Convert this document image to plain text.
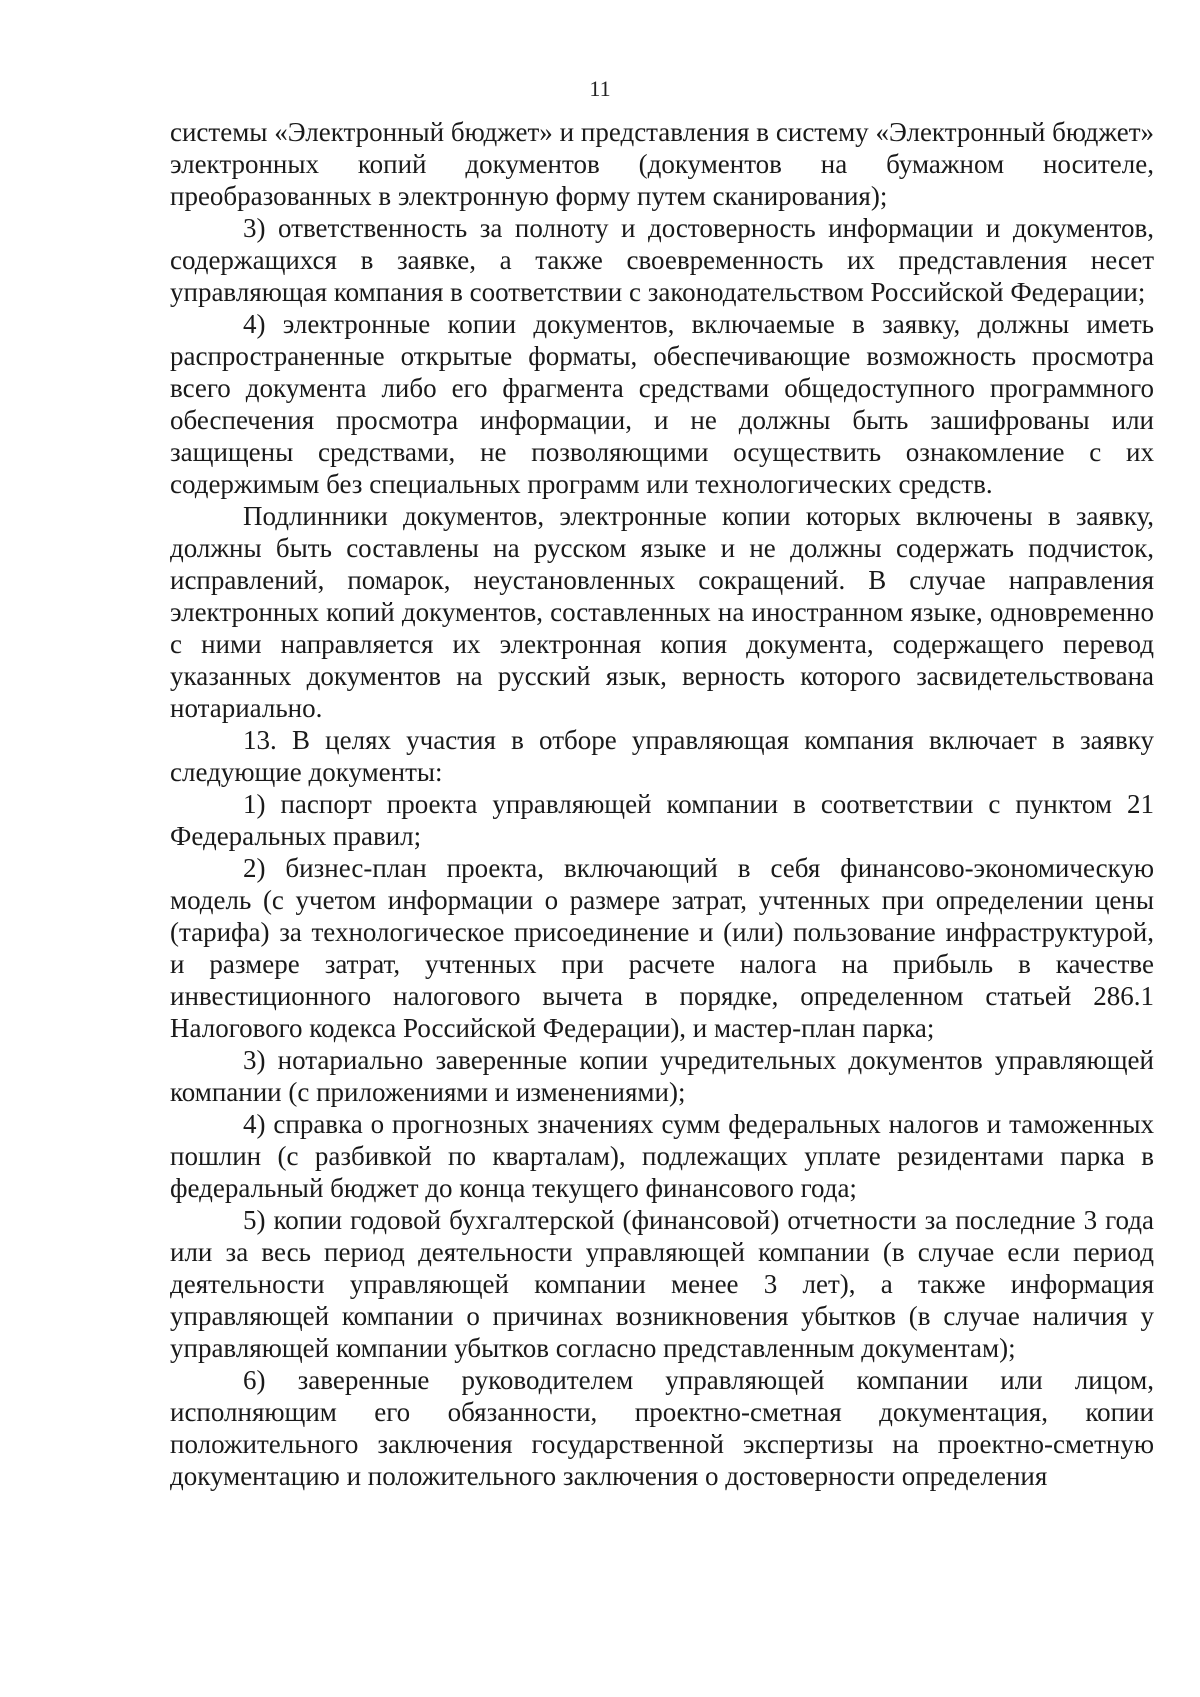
11

системы «Электронный бюджет» и представления в систему «Электронный бюджет» электронных копий документов (документов на бумажном носителе, преобразованных в электронную форму путем сканирования);

3) ответственность за полноту и достоверность информации и документов, содержащихся в заявке, а также своевременность их представления несет управляющая компания в соответствии с законодательством Российской Федерации;

4) электронные копии документов, включаемые в заявку, должны иметь распространенные открытые форматы, обеспечивающие возможность просмотра всего документа либо его фрагмента средствами общедоступного программного обеспечения просмотра информации, и не должны быть зашифрованы или защищены средствами, не позволяющими осуществить ознакомление с их содержимым без специальных программ или технологических средств.

Подлинники документов, электронные копии которых включены в заявку, должны быть составлены на русском языке и не должны содержать подчисток, исправлений, помарок, неустановленных сокращений. В случае направления электронных копий документов, составленных на иностранном языке, одновременно с ними направляется их электронная копия документа, содержащего перевод указанных документов на русский язык, верность которого засвидетельствована нотариально.

13. В целях участия в отборе управляющая компания включает в заявку следующие документы:

1) паспорт проекта управляющей компании в соответствии с пунктом 21 Федеральных правил;

2) бизнес-план проекта, включающий в себя финансово-экономическую модель (с учетом информации о размере затрат, учтенных при определении цены (тарифа) за технологическое присоединение и (или) пользование инфраструктурой, и размере затрат, учтенных при расчете налога на прибыль в качестве инвестиционного налогового вычета в порядке, определенном статьей 286.1 Налогового кодекса Российской Федерации), и мастер-план парка;

3) нотариально заверенные копии учредительных документов управляющей компании (с приложениями и изменениями);

4) справка о прогнозных значениях сумм федеральных налогов и таможенных пошлин (с разбивкой по кварталам), подлежащих уплате резидентами парка в федеральный бюджет до конца текущего финансового года;

5) копии годовой бухгалтерской (финансовой) отчетности за последние 3 года или за весь период деятельности управляющей компании (в случае если период деятельности управляющей компании менее 3 лет), а также информация управляющей компании о причинах возникновения убытков (в случае наличия у управляющей компании убытков согласно представленным документам);

6) заверенные руководителем управляющей компании или лицом, исполняющим его обязанности, проектно-сметная документация, копии положительного заключения государственной экспертизы на проектно-сметную документацию и положительного заключения о достоверности определения
